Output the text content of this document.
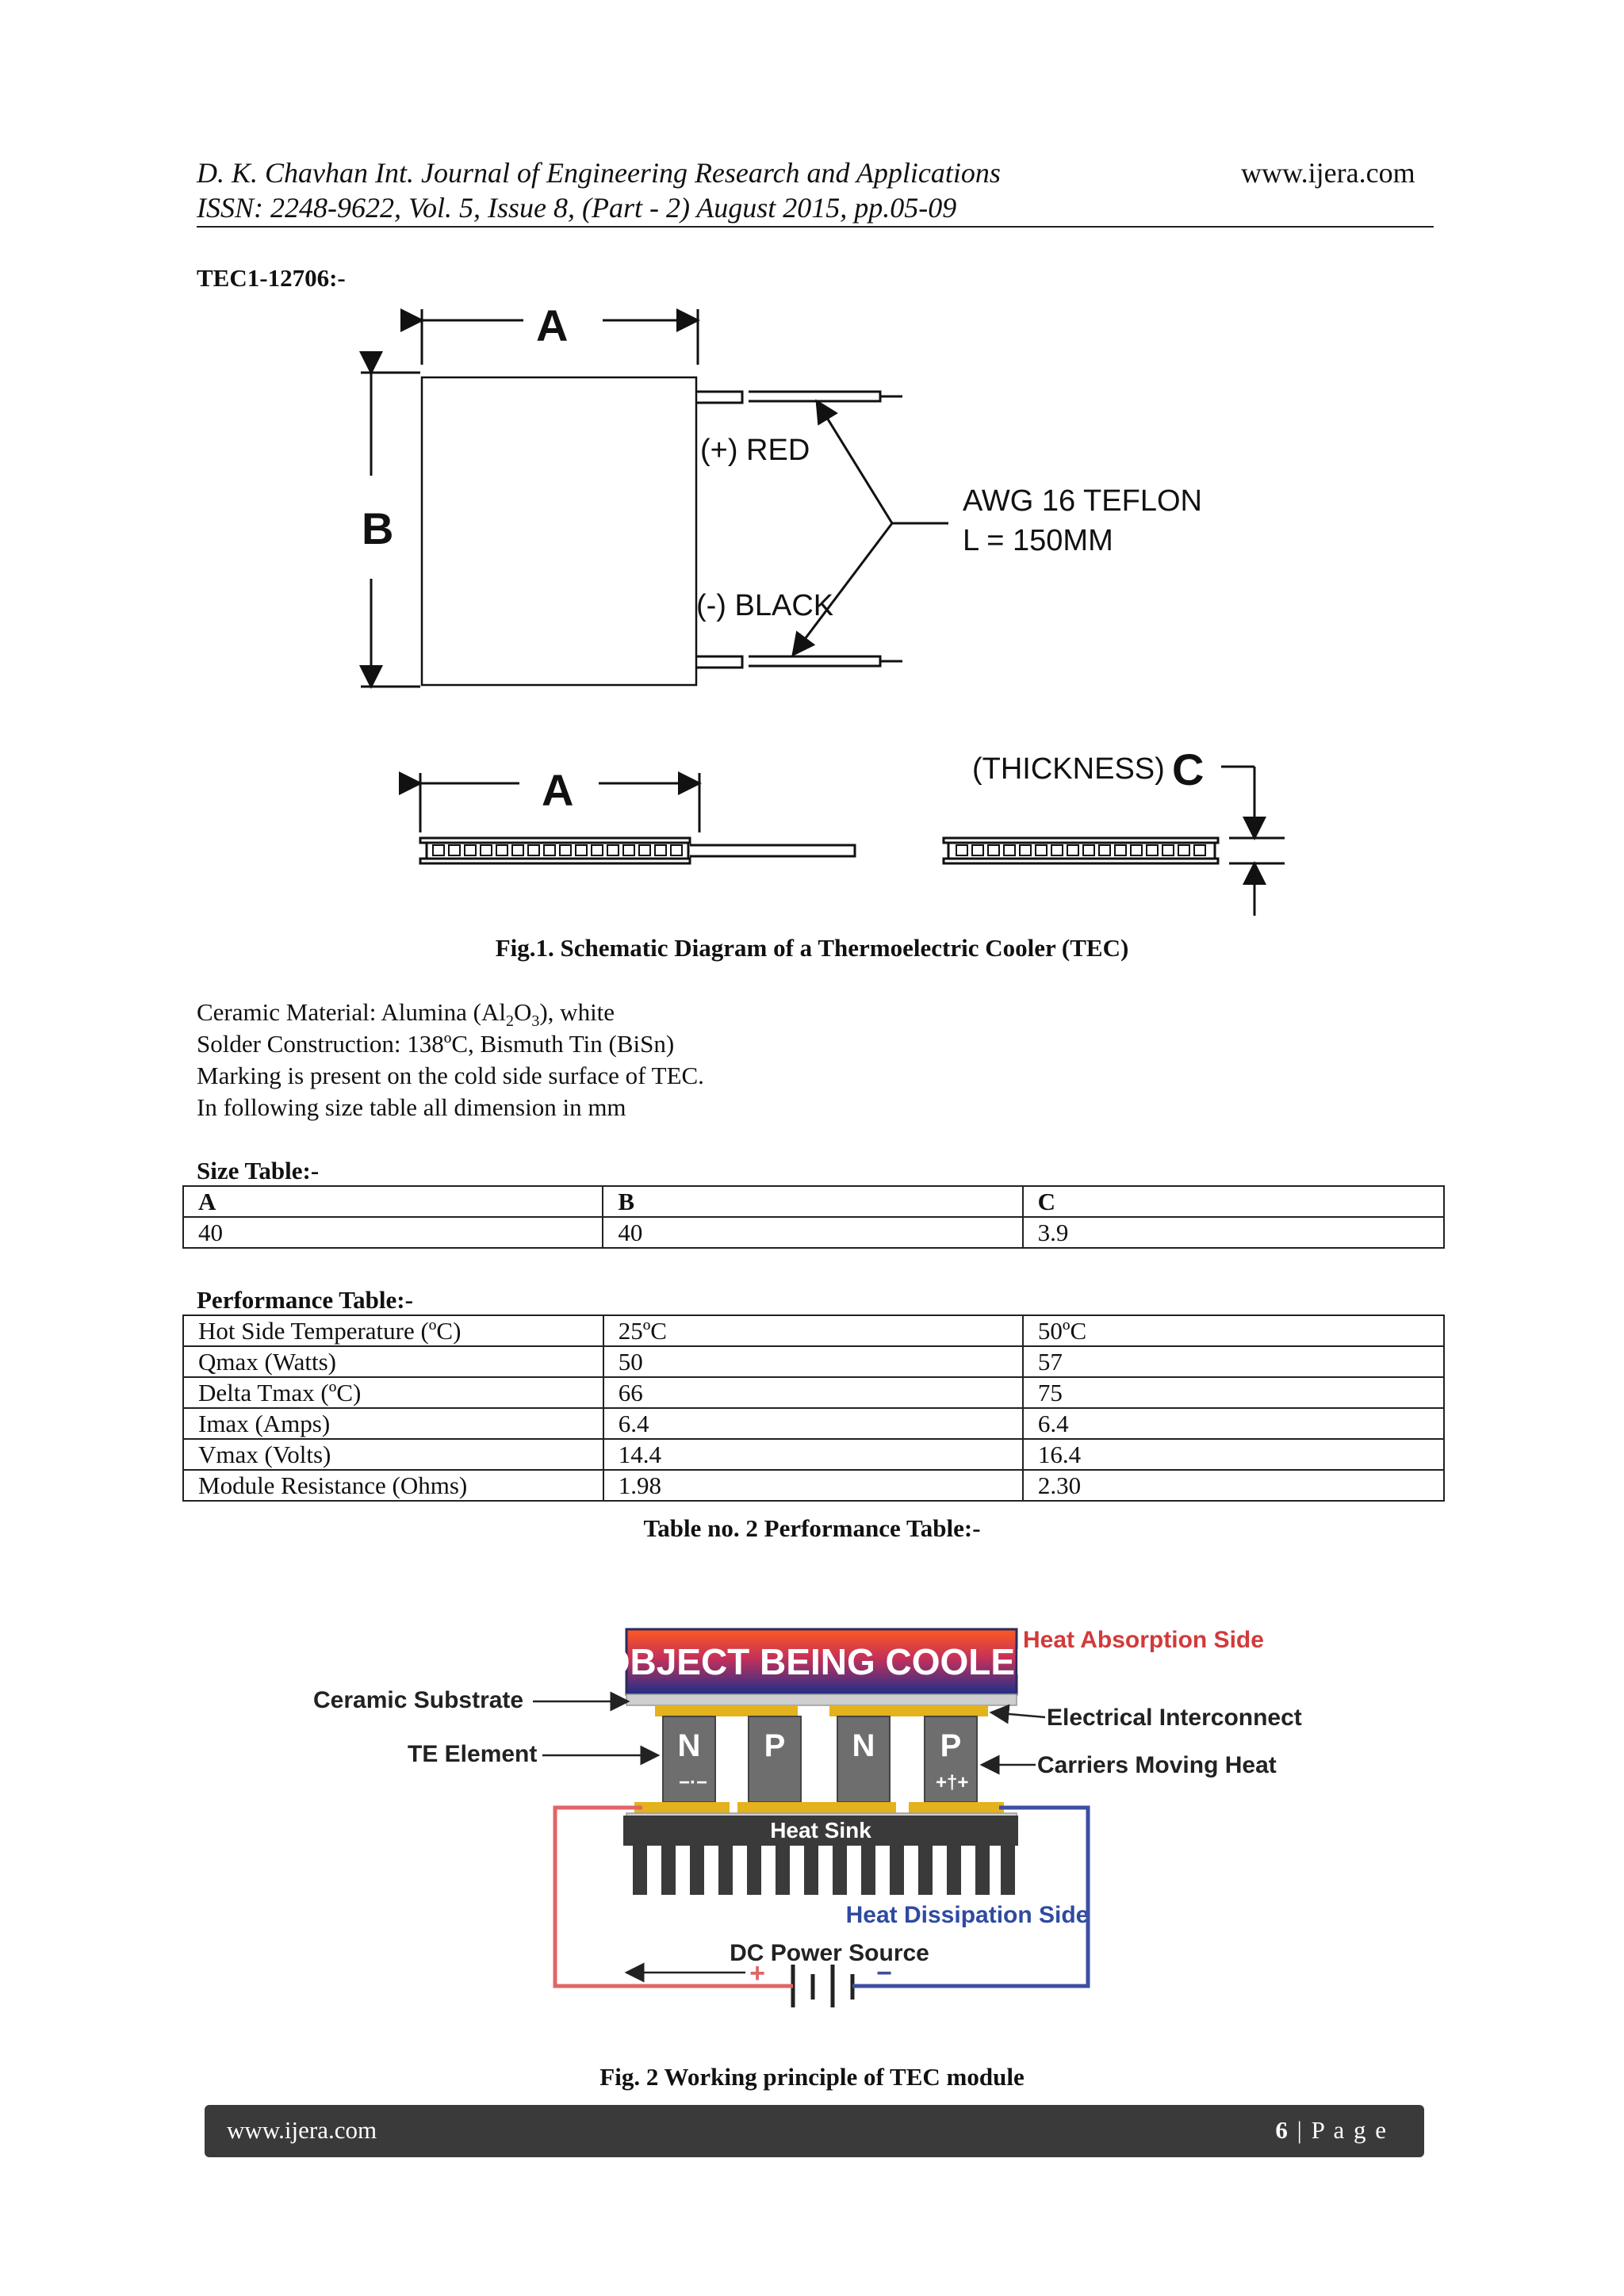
D. K. Chavhan Int. Journal of Engineering Research and Applications	www.ijera.com
ISSN: 2248-9622, Vol. 5, Issue 8, (Part - 2) August 2015, pp.05-09
TEC1-12706:-
A
B
(+) RED
(-) BLACK
AWG 16 TEFLON
L = 150MM
A	(THICKNESS) C
Fig.1. Schematic Diagram of a Thermoelectric Cooler (TEC)
Ceramic Material: Alumina $(Al_2O_3)$, white
Solder Construction: 138ºC, Bismuth Tin (BiSn)
Marking is present on the cold side surface of TEC.
In following size table all dimension in mm
Size Table:-
A	B	C
40	40	3.9
Performance Table:-
Hot Side Temperature (ºC)	25ºC	50ºC
Qmax (Watts)	50	57
Delta Tmax (ºC)	66	75
Imax (Amps)	6.4	6.4
Vmax (Volts)	14.4	16.4
Module Resistance (Ohms)	1.98	2.30
Table no. 2 Performance Table:-
OBJECT BEING COOLED
Heat Absorption Side
N P N P
−·−	+†+
Heat Sink
Heat Dissipation Side
DC Power Source
+	−
Ceramic Substrate
TE Element
Electrical Interconnect
Carriers Moving Heat
Fig. 2 Working principle of TEC module
www.ijera.com	6 | P a g e
